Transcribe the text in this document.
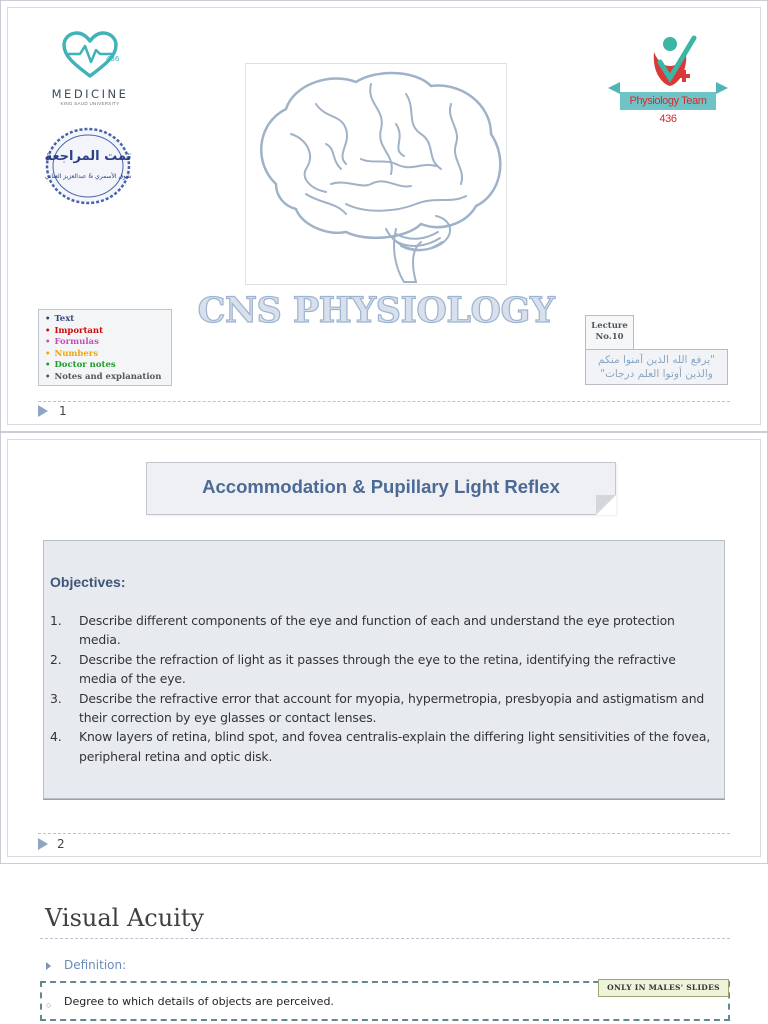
436
MEDICINE
KING SAUD UNIVERSITY
تمت المراجعة
شوق الأسمري & عبدالعزيز العناني
Physiology Team 436
CNS PHYSIOLOGY
• Text
• Important
• Formulas
• Numbers
• Doctor notes
• Notes and explanation
Lecture
No.10
"يرفع الله الذين آمنوا منكم
والذين أوتوا العلم درجات"
1
Accommodation & Pupillary Light Reflex
Objectives:
1. Describe different components of the eye and function of each and understand the eye protection media.
2. Describe the refraction of light as it passes through the eye to the retina, identifying the refractive media of the eye.
3. Describe the refractive error that account for myopia, hypermetropia, presbyopia and astigmatism and their correction by eye glasses or contact lenses.
4. Know layers of retina, blind spot, and fovea centralis-explain the differing light sensitivities of the fovea, peripheral retina and optic disk.
2
Visual Acuity
Definition:
ONLY IN MALES' SLIDES
○ Degree to which details of objects are perceived.
